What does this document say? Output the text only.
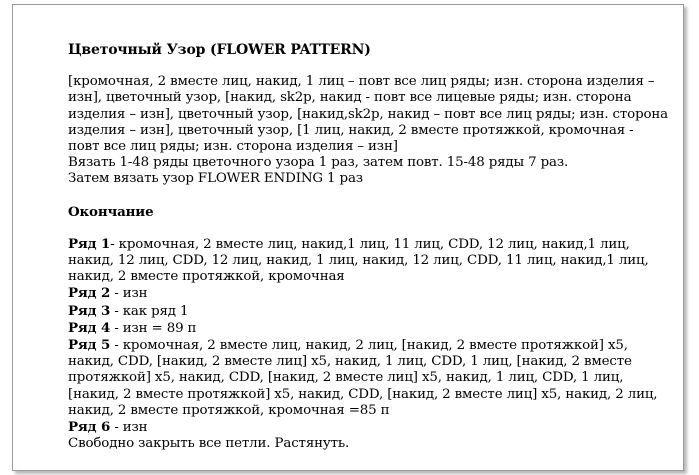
Цветочный Узор (FLOWER PATTERN)

[кромочная, 2 вместе лиц, накид, 1 лиц – повт все лиц ряды; изн. сторона изделия – изн], цветочный узор, [накид, sk2p, накид - повт все лицевые ряды; изн. сторона изделия – изн], цветочный узор, [накид,sk2p, накид – повт все лиц ряды; изн. сторона изделия – изн], цветочный узор, [1 лиц, накид, 2 вместе протяжкой, кромочная - повт все лиц ряды; изн. сторона изделия – изн]

Вязать 1-48 ряды цветочного узора 1 раз, затем повт. 15-48 ряды 7 раз.

Затем вязать узор FLOWER ENDING 1 раз

Окончание

Ряд 1- кромочная, 2 вместе лиц, накид,1 лиц, 11 лиц, CDD, 12 лиц, накид,1 лиц, накид, 12 лиц, CDD, 12 лиц, накид, 1 лиц, накид, 12 лиц, CDD, 11 лиц, накид,1 лиц, накид, 2 вместе протяжкой, кромочная

Ряд 2 - изн

Ряд 3 - как ряд 1

Ряд 4 - изн = 89 п

Ряд 5 - кромочная, 2 вместе лиц, накид, 2 лиц, [накид, 2 вместе протяжкой] х5, накид, CDD, [накид, 2 вместе лиц] х5, накид, 1 лиц, CDD, 1 лиц, [накид, 2 вместе протяжкой] х5, накид, CDD, [накид, 2 вместе лиц] х5, накид, 1 лиц, CDD, 1 лиц, [накид, 2 вместе протяжкой] х5, накид, CDD, [накид, 2 вместе лиц] х5, накид, 2 лиц, накид, 2 вместе протяжкой, кромочная =85 п

Ряд 6 - изн

Свободно закрыть все петли. Растянуть.
